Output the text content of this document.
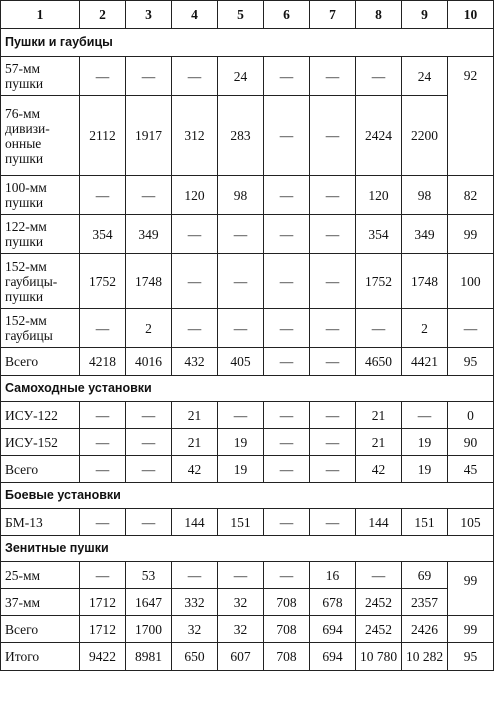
1	2	3	4	5	6	7	8	9	10
Пушки и гаубицы									
57-мм
пушки	—	—	—	24	—	—	—	24	92
76-мм
дивизи-
онные
пушки	2112	1917	312	283	—	—	2424	2200	
100-мм
пушки	—	—	120	98	—	—	120	98	82
122-мм
пушки	354	349	—	—	—	—	354	349	99
152-мм
гаубицы-
пушки	1752	1748	—	—	—	—	1752	1748	100
152-мм
гаубицы	—	2	—	—	—	—	—	2	—
Всего	4218	4016	432	405	—	—	4650	4421	95
Самоходные установки									
ИСУ-122	—	—	21	—	—	—	21	—	0
ИСУ-152	—	—	21	19	—	—	21	19	90
Всего	—	—	42	19	—	—	42	19	45
Боевые установки									
БМ-13	—	—	144	151	—	—	144	151	105
Зенитные пушки									
25-мм	—	53	—	—	—	16	—	69	99
37-мм	1712	1647	332	32	708	678	2452	2357	
Всего	1712	1700	32	32	708	694	2452	2426	99
Итого	9422	8981	650	607	708	694	10 780	10 282	95
